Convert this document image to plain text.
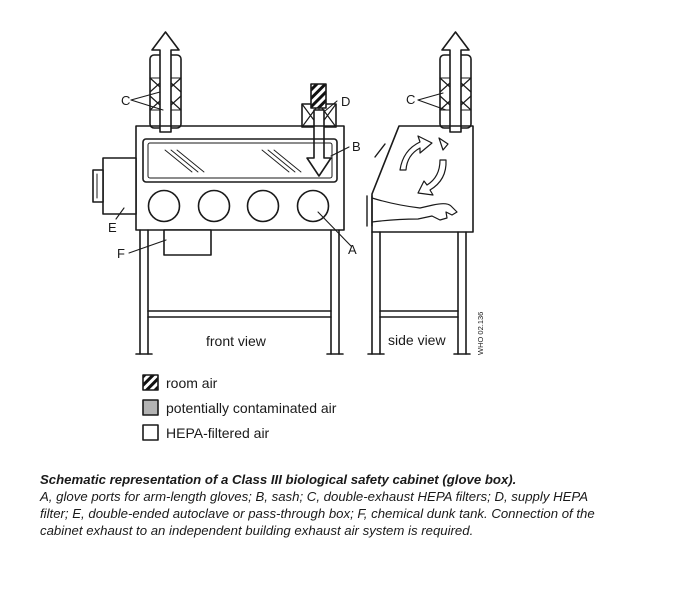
C	D
B
E
F	A
C
front view	side view	WHO 02.136
room air
potentially contaminated air
HEPA-filtered air
Schematic representation of a Class III biological safety cabinet (glove box).
A, glove ports for arm-length gloves; B, sash; C, double-exhaust HEPA filters; D, supply HEPA filter; E, double-ended autoclave or pass-through box; F, chemical dunk tank. Connection of the cabinet exhaust to an independent building exhaust air system is required.
